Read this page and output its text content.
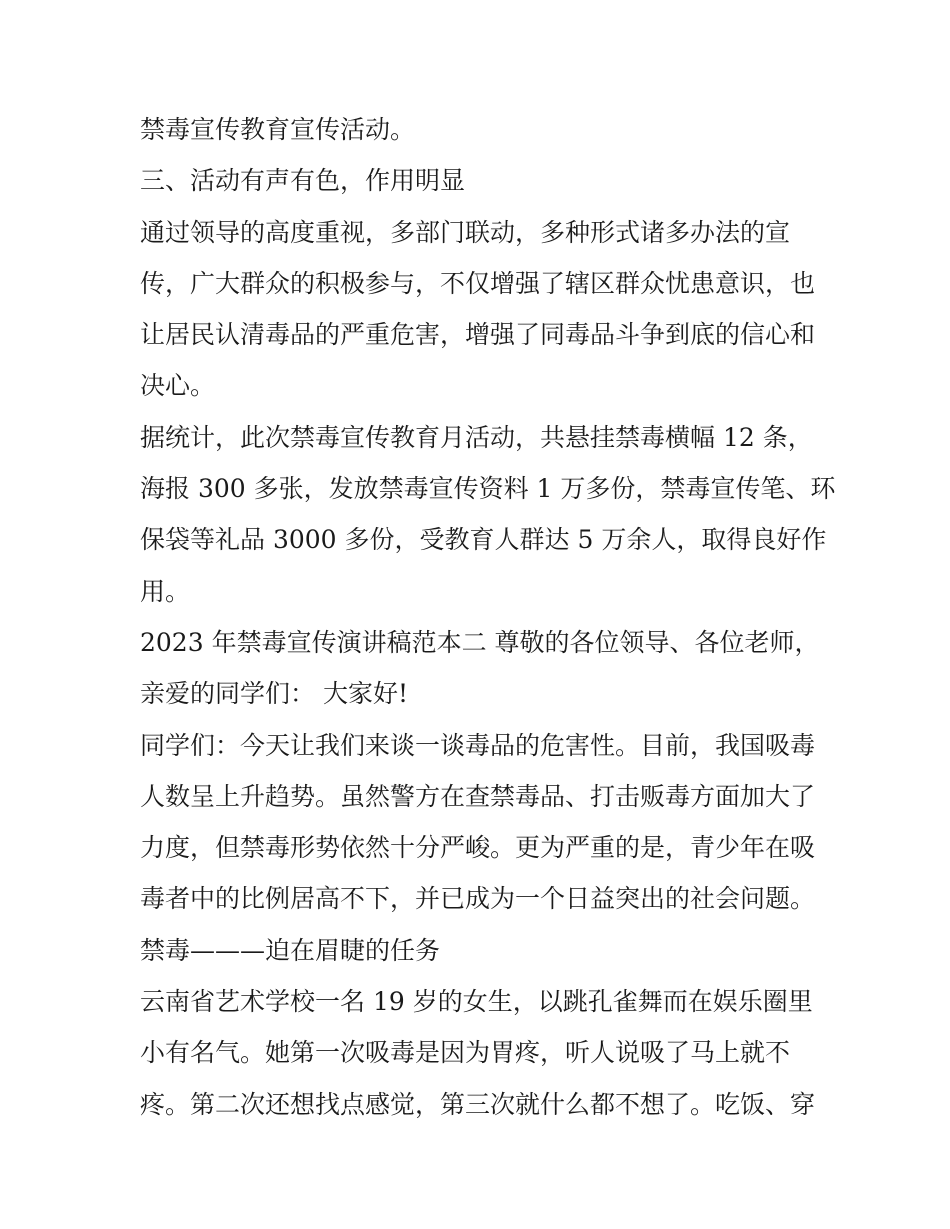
禁毒宣传教育宣传活动。
三、活动有声有色，作用明显
通过领导的高度重视，多部门联动，多种形式诸多办法的宣
传，广大群众的积极参与，不仅增强了辖区群众忧患意识，也
让居民认清毒品的严重危害，增强了同毒品斗争到底的信心和
决心。
据统计，此次禁毒宣传教育月活动，共悬挂禁毒横幅 12 条，
海报 300 多张，发放禁毒宣传资料 1 万多份，禁毒宣传笔、环
保袋等礼品 3000 多份，受教育人群达 5 万余人，取得良好作
用。
2023 年禁毒宣传演讲稿范本二 尊敬的各位领导、各位老师，
亲爱的同学们： 大家好!
同学们：今天让我们来谈一谈毒品的危害性。目前，我国吸毒
人数呈上升趋势。虽然警方在查禁毒品、打击贩毒方面加大了
力度，但禁毒形势依然十分严峻。更为严重的是，青少年在吸
毒者中的比例居高不下，并已成为一个日益突出的社会问题。
禁毒———迫在眉睫的任务
云南省艺术学校一名 19 岁的女生，以跳孔雀舞而在娱乐圈里
小有名气。她第一次吸毒是因为胃疼，听人说吸了马上就不
疼。第二次还想找点感觉，第三次就什么都不想了。吃饭、穿
